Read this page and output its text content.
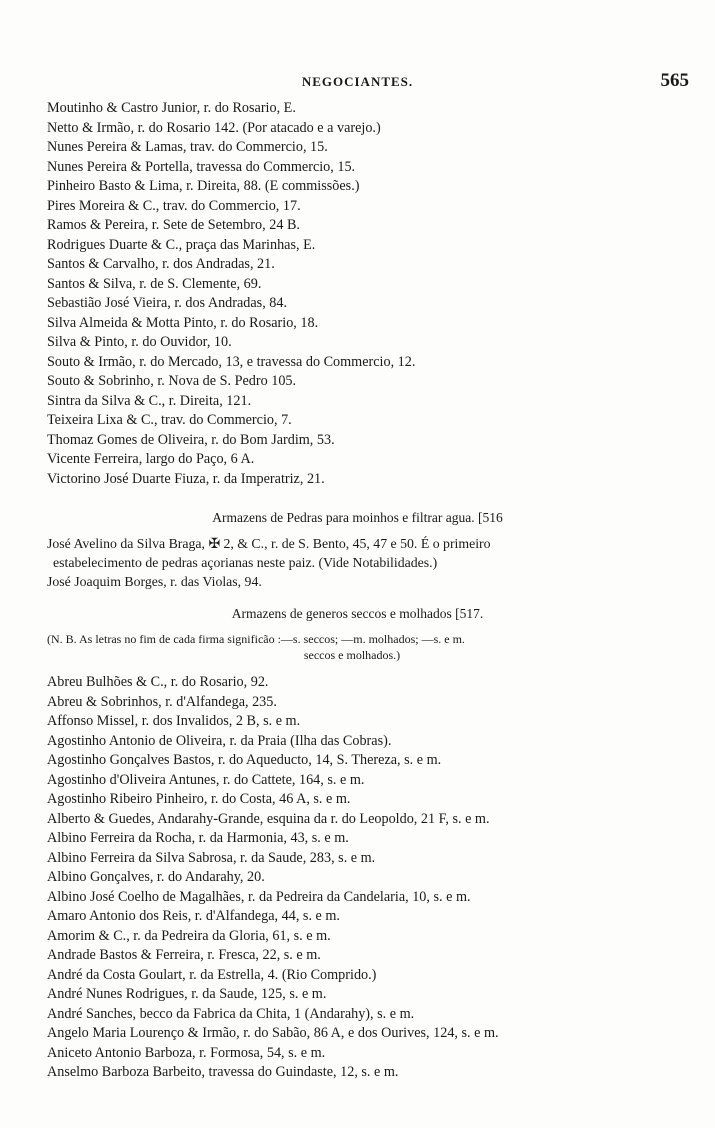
NEGOCIANTES.	565
Moutinho & Castro Junior, r. do Rosario, E.
Netto & Irmão, r. do Rosario 142. (Por atacado e a varejo.)
Nunes Pereira & Lamas, trav. do Commercio, 15.
Nunes Pereira & Portella, travessa do Commercio, 15.
Pinheiro Basto & Lima, r. Direita, 88. (E commissões.)
Pires Moreira & C., trav. do Commercio, 17.
Ramos & Pereira, r. Sete de Setembro, 24 B.
Rodrigues Duarte & C., praça das Marinhas, E.
Santos & Carvalho, r. dos Andradas, 21.
Santos & Silva, r. de S. Clemente, 69.
Sebastião José Vieira, r. dos Andradas, 84.
Silva Almeida & Motta Pinto, r. do Rosario, 18.
Silva & Pinto, r. do Ouvidor, 10.
Souto & Irmão, r. do Mercado, 13, e travessa do Commercio, 12.
Souto & Sobrinho, r. Nova de S. Pedro 105.
Sintra da Silva & C., r. Direita, 121.
Teixeira Lixa & C., trav. do Commercio, 7.
Thomaz Gomes de Oliveira, r. do Bom Jardim, 53.
Vicente Ferreira, largo do Paço, 6 A.
Victorino José Duarte Fiuza, r. da Imperatriz, 21.
Armazens de Pedras para moinhos e filtrar agua. [516
José Avelino da Silva Braga, ✠ 2, & C., r. de S. Bento, 45, 47 e 50. É o primeiro
estabelecimento de pedras açorianas neste paiz. (Vide Notabilidades.)
José Joaquim Borges, r. das Violas, 94.
Armazens de generos seccos e molhados [517.
(N. B. As letras no fim de cada firma significão :—s. seccos; —m. molhados; —s. e m.
seccos e molhados.)
Abreu Bulhões & C., r. do Rosario, 92.
Abreu & Sobrinhos, r. d'Alfandega, 235.
Affonso Missel, r. dos Invalidos, 2 B, s. e m.
Agostinho Antonio de Oliveira, r. da Praia (Ilha das Cobras).
Agostinho Gonçalves Bastos, r. do Aqueducto, 14, S. Thereza, s. e m.
Agostinho d'Oliveira Antunes, r. do Cattete, 164, s. e m.
Agostinho Ribeiro Pinheiro, r. do Costa, 46 A, s. e m.
Alberto & Guedes, Andarahy-Grande, esquina da r. do Leopoldo, 21 F, s. e m.
Albino Ferreira da Rocha, r. da Harmonia, 43, s. e m.
Albino Ferreira da Silva Sabrosa, r. da Saude, 283, s. e m.
Albino Gonçalves, r. do Andarahy, 20.
Albino José Coelho de Magalhães, r. da Pedreira da Candelaria, 10, s. e m.
Amaro Antonio dos Reis, r. d'Alfandega, 44, s. e m.
Amorim & C., r. da Pedreira da Gloria, 61, s. e m.
Andrade Bastos & Ferreira, r. Fresca, 22, s. e m.
André da Costa Goulart, r. da Estrella, 4. (Rio Comprido.)
André Nunes Rodrigues, r. da Saude, 125, s. e m.
André Sanches, becco da Fabrica da Chita, 1 (Andarahy), s. e m.
Angelo Maria Lourenço & Irmão, r. do Sabão, 86 A, e dos Ourives, 124, s. e m.
Aniceto Antonio Barboza, r. Formosa, 54, s. e m.
Anselmo Barboza Barbeito, travessa do Guindaste, 12, s. e m.
